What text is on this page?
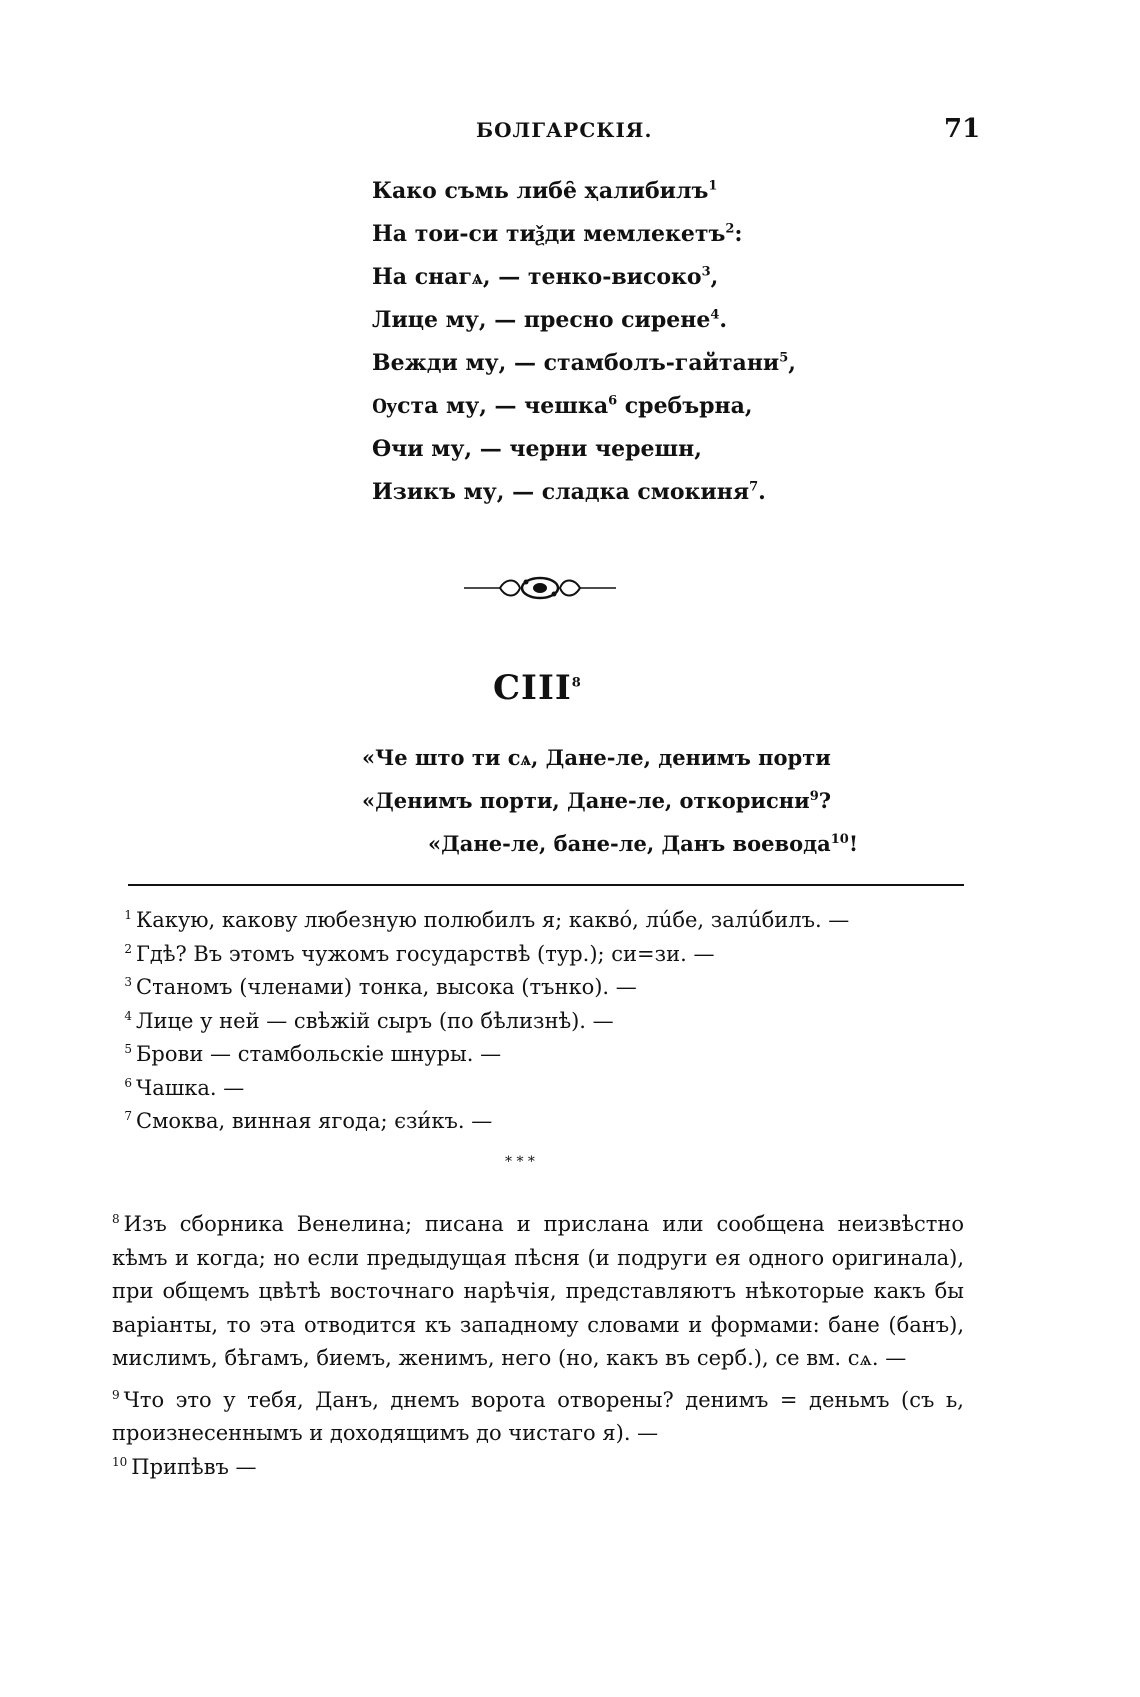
БОЛГАРСКІЯ.	71
Како съмь либе̑ ҳалибилъ$^1$
На тои-си тиѯди мемлекетъ$^2$:
На снагѧ, — тенко-високо$^3$,
Лице му, — пресно сирене$^4$.
Вежди му, — стамболъ-гайтани$^5$,
Ѹста му, — чешка$^6$ сребърна,
Ѳчи му, — черни черешн,
Изикъ му, — сладка смокиня$^7$.
CIII$^8$
«Че што ти сѧ, Дане-ле, денимъ порти
«Денимъ порти, Дане-ле, откорисни$^9$?
«Дане-ле, бане-ле, Данъ воевода$^{10}$!
1 Какую, какову любезную полюбилъ я; каквó, лúбе, залúбилъ. —
2 Гдѣ? Въ этомъ чужомъ государствѣ (тур.); си=зи. —
3 Станомъ (членами) тонка, высока (тънко). —
4 Лице у ней — свѣжій сыръ (по бѣлизнѣ). —
5 Брови — стамбольскіе шнуры. —
6 Чашка. —
7 Смоква, винная ягода; єзи́къ. —
* * *
$^8$ Изъ сборника Венелина; писана и прислана или сообщена неизвѣстно кѣмъ и когда; но если предыдущая пѣсня (и подруги ея одного оригинала), при общемъ цвѣтѣ восточнаго нарѣчія, представляютъ нѣкоторые какъ бы варіанты, то эта отводится къ западному словами и формами: бане (банъ), мислимъ, бѣгамъ, биемъ, женимъ, него (но, какъ въ серб.), се вм. сѧ. —
$^9$ Что это у тебя, Данъ, днемъ ворота отворены? денимъ = деньмъ (съ ь, произнесеннымъ и доходящимъ до чистаго я). —
$^{10}$ Припѣвъ —
